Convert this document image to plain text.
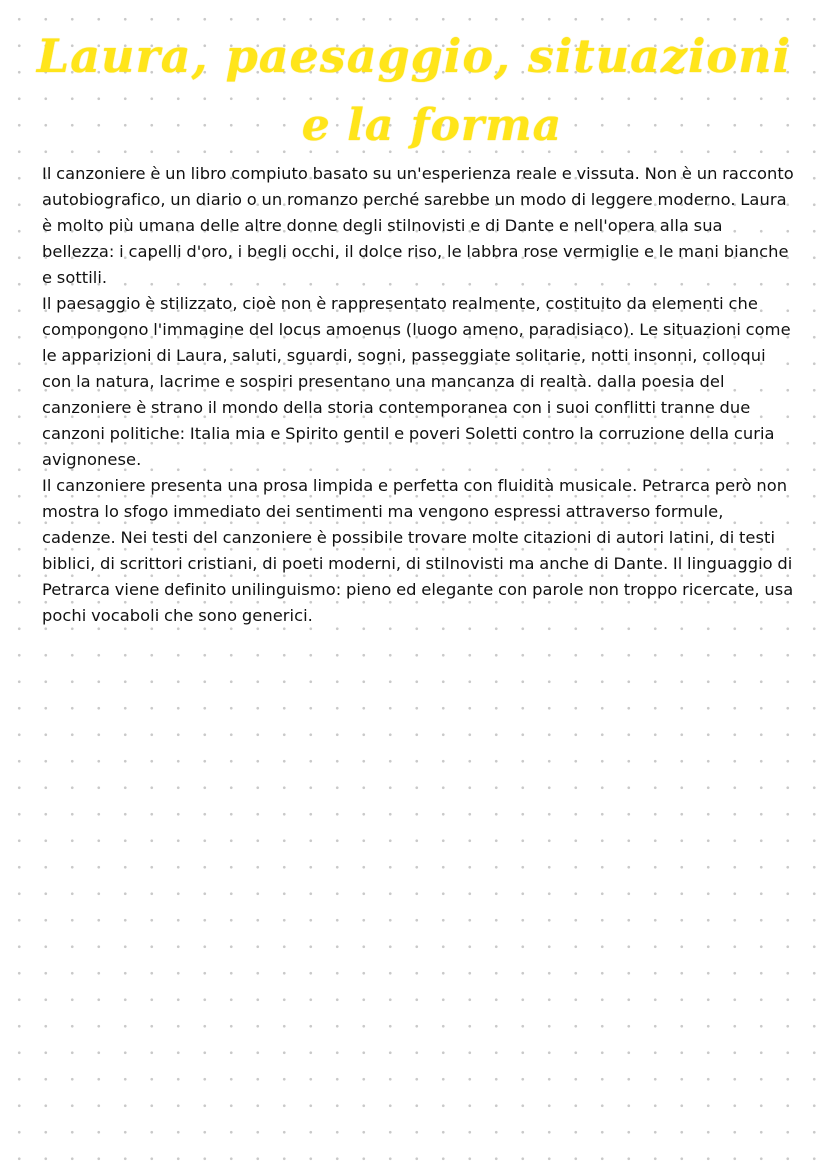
Laura, paesaggio, situazioni
e la forma

Il canzoniere è un libro compiuto basato su un'esperienza reale e vissuta. Non è un racconto autobiografico, un diario o un romanzo perché sarebbe un modo di leggere moderno. Laura è molto più umana delle altre donne degli stilnovisti e di Dante e nell'opera alla sua bellezza: i capelli d'oro, i begli occhi, il dolce riso, le labbra rose vermiglie e le mani bianche e sottili.

Il paesaggio è stilizzato, cioè non è rappresentato realmente, costituito da elementi che compongono l'immagine del locus amoenus (luogo ameno, paradisiaco). Le situazioni come le apparizioni di Laura, saluti, sguardi, sogni, passeggiate solitarie, notti insonni, colloqui con la natura, lacrime e sospiri presentano una mancanza di realtà. dalla poesia del canzoniere è strano il mondo della storia contemporanea con i suoi conflitti tranne due canzoni politiche: Italia mia e Spirito gentil e poveri Soletti contro la corruzione della curia avignonese.

Il canzoniere presenta una prosa limpida e perfetta con fluidità musicale. Petrarca però non mostra lo sfogo immediato dei sentimenti ma vengono espressi attraverso formule, cadenze. Nei testi del canzoniere è possibile trovare molte citazioni di autori latini, di testi biblici, di scrittori cristiani, di poeti moderni, di stilnovisti ma anche di Dante. Il linguaggio di Petrarca viene definito unilinguismo: pieno ed elegante con parole non troppo ricercate, usa pochi vocaboli che sono generici.
